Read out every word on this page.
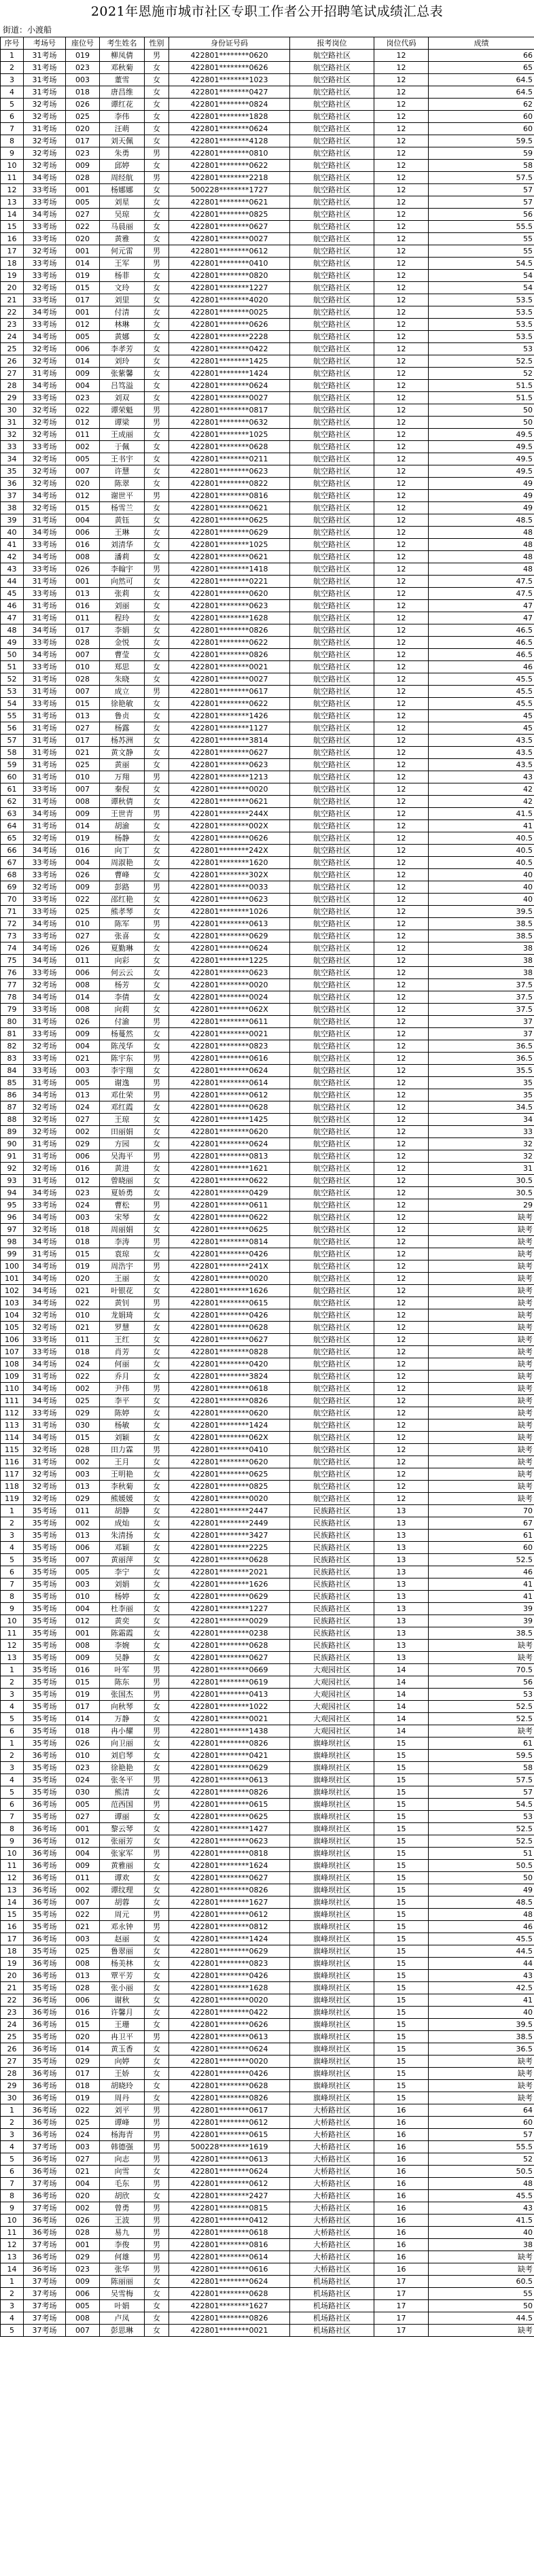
2021年恩施市城市社区专职工作者公开招聘笔试成绩汇总表
街道：小渡船
序号	考场号	座位号	考生姓名	性别	身份证号码	报考岗位	岗位代码	成绩
1	31考场	019	柳凤倩	男	422801********0620	航空路社区	12	66
2	31考场	023	邓秋菊	女	422801********0626	航空路社区	12	65
3	31考场	003	董雪	女	422801********1023	航空路社区	12	64.5
4	31考场	018	唐昌维	女	422801********0427	航空路社区	12	64.5
5	32考场	026	谭红花	女	422801********0824	航空路社区	12	62
6	32考场	025	李伟	女	422801********1828	航空路社区	12	60
7	31考场	020	汪萌	女	422801********0624	航空路社区	12	60
8	32考场	017	刘天佩	女	422801********4128	航空路社区	12	59.5
9	32考场	023	朱勇	男	422801********0810	航空路社区	12	59
10	32考场	009	邱婷	女	422801********0622	航空路社区	12	58
11	34考场	028	周经航	男	422801********2218	航空路社区	12	57.5
12	33考场	001	杨娜娜	女	500228********1727	航空路社区	12	57
13	33考场	005	刘星	女	422801********0621	航空路社区	12	57
14	34考场	027	吴琼	女	422801********0825	航空路社区	12	56
15	33考场	022	马晨丽	女	422801********0627	航空路社区	12	55.5
16	33考场	020	黄雅	女	422801********0027	航空路社区	12	55
17	32考场	001	何元雷	男	422801********0612	航空路社区	12	55
18	33考场	014	王军	男	422801********0410	航空路社区	12	54.5
19	33考场	019	杨菲	女	422801********0820	航空路社区	12	54
20	32考场	015	文玲	女	422801********1227	航空路社区	12	54
21	33考场	017	刘里	女	422801********4020	航空路社区	12	53.5
22	34考场	001	付清	女	422801********0025	航空路社区	12	53.5
23	33考场	012	林琳	女	422801********0626	航空路社区	12	53.5
24	34考场	005	黄娜	女	422801********2228	航空路社区	12	53.5
25	32考场	006	李孝芳	女	422801********0422	航空路社区	12	53
26	32考场	014	刘玲	女	422801********1425	航空路社区	12	52.5
27	31考场	009	张紫馨	女	422801********1424	航空路社区	12	52
28	34考场	004	吕笃溢	女	422801********0624	航空路社区	12	51.5
29	33考场	023	刘双	女	422801********0027	航空路社区	12	51.5
30	32考场	022	谭荣魁	男	422801********0817	航空路社区	12	50
31	32考场	012	谭梁	男	422801********0632	航空路社区	12	50
32	32考场	011	王成丽	女	422801********1025	航空路社区	12	49.5
33	33考场	002	于佩	女	422801********0628	航空路社区	12	49.5
34	32考场	005	王书宇	女	422801********0211	航空路社区	12	49.5
35	32考场	007	许慧	女	422801********0623	航空路社区	12	49.5
36	32考场	020	陈翠	女	422801********0822	航空路社区	12	49
37	34考场	012	谢世平	男	422801********0816	航空路社区	12	49
38	32考场	015	杨雪兰	女	422801********0621	航空路社区	12	49
39	31考场	004	黄钰	女	422801********0625	航空路社区	12	48.5
40	34考场	006	王琳	女	422801********0629	航空路社区	12	48
41	33考场	016	刘清华	女	422801********1025	航空路社区	12	48
42	34考场	008	潘莉	女	422801********0621	航空路社区	12	48
43	33考场	026	李翰宇	男	422801********1418	航空路社区	12	48
44	31考场	001	向然可	女	422801********0221	航空路社区	12	47.5
45	33考场	013	张莉	女	422801********0620	航空路社区	12	47.5
46	31考场	016	刘丽	女	422801********0623	航空路社区	12	47
47	31考场	011	程玲	女	422801********1628	航空路社区	12	47
48	34考场	017	李娟	女	422801********0826	航空路社区	12	46.5
49	33考场	028	金悦	女	422801********0622	航空路社区	12	46.5
50	34考场	007	曹莹	女	422801********0826	航空路社区	12	46.5
51	33考场	010	郑思	女	422801********0021	航空路社区	12	46
52	31考场	028	朱晓	女	422801********0027	航空路社区	12	45.5
53	31考场	007	成立	男	422801********0617	航空路社区	12	45.5
54	33考场	015	徐艳敏	女	422801********0622	航空路社区	12	45.5
55	31考场	013	鲁贞	女	422801********1426	航空路社区	12	45
56	31考场	027	杨露	女	422801********1127	航空路社区	12	45
57	31考场	017	杨苏洲	女	422801********3814	航空路社区	12	43.5
58	31考场	021	黄文静	女	422801********0627	航空路社区	12	43.5
59	31考场	025	黄丽	女	422801********0623	航空路社区	12	43.5
60	31考场	010	万翔	男	422801********1213	航空路社区	12	43
61	33考场	007	秦倪	女	422801********0020	航空路社区	12	42
62	31考场	008	谭秋倩	女	422801********0621	航空路社区	12	42
63	34考场	009	王世青	男	422801********244X	航空路社区	12	41.5
64	31考场	014	胡渝	女	422801********002X	航空路社区	12	41
65	32考场	019	杨静	女	422801********0626	航空路社区	12	40.5
66	34考场	016	向丁	女	422801********242X	航空路社区	12	40.5
67	33考场	004	周淑艳	女	422801********1620	航空路社区	12	40.5
68	33考场	026	曹峰	女	422801********302X	航空路社区	12	40
69	32考场	009	彭路	男	422801********0033	航空路社区	12	40
70	33考场	022	邵红艳	女	422801********0623	航空路社区	12	40
71	33考场	025	熊孝琴	女	422801********1026	航空路社区	12	39.5
72	34考场	010	陈军	男	422801********0613	航空路社区	12	38.5
73	33考场	027	张喜	女	422801********0629	航空路社区	12	38.5
74	34考场	026	夏勤琳	女	422801********0624	航空路社区	12	38
75	34考场	011	向彩	女	422801********1225	航空路社区	12	38
76	33考场	006	何云云	女	422801********0623	航空路社区	12	38
77	32考场	008	杨芳	女	422801********0020	航空路社区	12	37.5
78	34考场	014	李倩	女	422801********0024	航空路社区	12	37.5
79	33考场	008	向莉	女	422801********062X	航空路社区	12	37.5
80	31考场	026	付渝	男	422801********0611	航空路社区	12	37
81	33考场	009	杨蔓然	女	422801********0021	航空路社区	12	37
82	32考场	004	陈茂华	女	422801********0823	航空路社区	12	36.5
83	33考场	021	陈宇东	男	422801********0616	航空路社区	12	36.5
84	33考场	003	李宇翔	女	422801********0624	航空路社区	12	35.5
85	31考场	005	谢逸	男	422801********0614	航空路社区	12	35
86	34考场	013	邓仕荣	男	422801********0612	航空路社区	12	35
87	32考场	024	邓红霞	女	422801********0628	航空路社区	12	34.5
88	32考场	027	王琼	女	422801********1425	航空路社区	12	34
89	32考场	002	田丽娟	女	422801********0620	航空路社区	12	33
90	31考场	029	方园	女	422801********0624	航空路社区	12	32
91	31考场	006	吴海平	男	422801********0813	航空路社区	12	32
92	32考场	016	黄进	女	422801********1621	航空路社区	12	31
93	31考场	012	曾晓丽	女	422801********0622	航空路社区	12	30.5
94	34考场	023	夏娇勇	女	422801********0429	航空路社区	12	30.5
95	33考场	024	曹松	男	422801********0611	航空路社区	12	29
96	34考场	003	宋琴	女	422801********0622	航空路社区	12	缺考
97	32考场	018	周丽娟	女	422801********0625	航空路社区	12	缺考
98	34考场	018	李涛	男	422801********0814	航空路社区	12	缺考
99	31考场	015	袁琼	女	422801********0426	航空路社区	12	缺考
100	34考场	019	周浩宇	男	422801********241X	航空路社区	12	缺考
101	34考场	020	王丽	女	422801********0020	航空路社区	12	缺考
102	34考场	021	叶银花	女	422801********1626	航空路社区	12	缺考
103	34考场	022	黄钊	男	422801********0615	航空路社区	12	缺考
104	32考场	010	龙娟琦	女	422801********0426	航空路社区	12	缺考
105	32考场	021	罗慧	女	422801********0628	航空路社区	12	缺考
106	33考场	011	王红	女	422801********0627	航空路社区	12	缺考
107	33考场	018	肖芳	女	422801********0828	航空路社区	12	缺考
108	34考场	024	何丽	女	422801********0420	航空路社区	12	缺考
109	31考场	022	乔月	女	422801********3824	航空路社区	12	缺考
110	34考场	002	尹伟	男	422801********0618	航空路社区	12	缺考
111	34考场	025	李平	女	422801********0826	航空路社区	12	缺考
112	33考场	029	陈婷	女	422801********0620	航空路社区	12	缺考
113	31考场	030	杨敏	女	422801********1424	航空路社区	12	缺考
114	34考场	015	刘颖	女	422801********062X	航空路社区	12	缺考
115	32考场	028	田力霖	男	422801********0410	航空路社区	12	缺考
116	31考场	002	王月	女	422801********0620	航空路社区	12	缺考
117	32考场	003	王明艳	女	422801********0625	航空路社区	12	缺考
118	32考场	013	李秋菊	女	422801********0825	航空路社区	12	缺考
119	32考场	029	熊媛媛	女	422801********0020	航空路社区	12	缺考
1	35考场	011	胡静	女	422801********2447	民族路社区	13	70
2	35考场	002	成灿	女	422801********2449	民族路社区	13	67
3	35考场	013	朱清扬	女	422801********3427	民族路社区	13	61
4	35考场	006	邓颖	女	422801********2225	民族路社区	13	60
5	35考场	007	黄丽萍	女	422801********0628	民族路社区	13	52.5
6	35考场	005	李宁	女	422801********2021	民族路社区	13	46
7	35考场	003	刘娟	女	422801********1626	民族路社区	13	41
8	35考场	010	杨婷	女	422801********0629	民族路社区	13	41
9	35考场	004	杜李丽	女	422801********1227	民族路社区	13	39
10	35考场	012	黄奕	女	422801********0029	民族路社区	13	39
11	35考场	001	陈霜霞	女	422801********0238	民族路社区	13	38.5
12	35考场	008	李婉	女	422801********0628	民族路社区	13	缺考
13	35考场	009	吴静	女	422801********0627	民族路社区	13	缺考
1	35考场	016	叶军	男	422801********0669	大观园社区	14	70.5
2	35考场	015	陈东	男	422801********0619	大观园社区	14	56
3	35考场	019	张国杰	男	422801********0413	大观园社区	14	53
4	35考场	017	向秋琴	女	422801********1022	大观园社区	14	52.5
5	35考场	014	万静	女	422801********0021	大观园社区	14	52.5
6	35考场	018	冉小耀	男	422801********1438	大观园社区	14	缺考
1	35考场	026	向卫丽	女	422801********0826	旗峰坝社区	15	61
2	36考场	010	刘启琴	女	422801********0421	旗峰坝社区	15	59.5
3	35考场	023	徐艳艳	女	422801********0629	旗峰坝社区	15	58
4	35考场	024	张冬平	男	422801********0613	旗峰坝社区	15	57.5
5	35考场	030	熊清	女	422801********0826	旗峰坝社区	15	57
6	36考场	005	范西国	男	422801********0615	旗峰坝社区	15	54.5
7	35考场	027	谭丽	女	422801********0625	旗峰坝社区	15	53
8	36考场	001	黎云琴	女	422801********1427	旗峰坝社区	15	52.5
9	36考场	012	张丽芳	女	422801********0623	旗峰坝社区	15	52.5
10	36考场	004	张家军	男	422801********0818	旗峰坝社区	15	51
11	36考场	009	黄雅丽	女	422801********1624	旗峰坝社区	15	50.5
12	36考场	011	谭欢	女	422801********0627	旗峰坝社区	15	50
13	36考场	002	谭纹理	女	422801********0826	旗峰坝社区	15	49
14	36考场	007	胡蓉	女	422801********1627	旗峰坝社区	15	48.5
15	35考场	022	周元	男	422801********0612	旗峰坝社区	15	48
16	35考场	021	邓永钟	男	422801********0812	旗峰坝社区	15	46
17	36考场	003	赵丽	女	422801********1424	旗峰坝社区	15	45.5
18	35考场	025	鲁翠丽	女	422801********0629	旗峰坝社区	15	44.5
19	36考场	008	杨美林	女	422801********0823	旗峰坝社区	15	44
20	36考场	013	覃平芳	女	422801********0426	旗峰坝社区	15	43
21	35考场	028	张小丽	女	422801********1628	旗峰坝社区	15	42.5
22	36考场	006	谢秋	女	422801********0020	旗峰坝社区	15	41
23	36考场	016	许馨月	女	422801********0422	旗峰坝社区	15	40
24	36考场	015	王珊	女	422801********0626	旗峰坝社区	15	39.5
25	35考场	020	冉卫平	男	422801********0613	旗峰坝社区	15	38.5
26	36考场	014	黄玉香	女	422801********0624	旗峰坝社区	15	36.5
27	35考场	029	向婷	女	422801********0020	旗峰坝社区	15	缺考
28	36考场	017	王娇	女	422801********0426	旗峰坝社区	15	缺考
29	36考场	018	胡晓玲	女	422801********0628	旗峰坝社区	15	缺考
30	36考场	019	周丹	女	422801********0826	旗峰坝社区	15	缺考
1	36考场	022	刘平	男	422801********0617	大桥路社区	16	64
2	36考场	025	谭峰	男	422801********0612	大桥路社区	16	60
3	36考场	024	杨海青	男	422801********0615	大桥路社区	16	57
4	37考场	003	韩德强	男	500228********1619	大桥路社区	16	55.5
5	36考场	027	向志	男	422801********0613	大桥路社区	16	52
6	36考场	021	向雪	女	422801********0624	大桥路社区	16	50.5
7	37考场	004	毛东	男	422801********0612	大桥路社区	16	48
8	36考场	020	胡欣	女	422801********2427	大桥路社区	16	45.5
9	37考场	002	曾勇	男	422801********0815	大桥路社区	16	43
10	36考场	026	王波	男	422801********0412	大桥路社区	16	41.5
11	36考场	028	易九	男	422801********0618	大桥路社区	16	40
12	37考场	001	李俊	男	422801********0816	大桥路社区	16	38
13	36考场	029	何雄	男	422801********0614	大桥路社区	16	缺考
14	36考场	023	张华	男	422801********0616	大桥路社区	16	缺考
1	37考场	009	陈丽丽	女	422801********0624	机场路社区	17	60.5
2	37考场	006	吴雪梅	女	422801********0628	机场路社区	17	55
3	37考场	005	叶娟	女	422801********1627	机场路社区	17	50
4	37考场	008	卢凤	女	422801********0826	机场路社区	17	44.5
5	37考场	007	彭思琳	女	422801********0021	机场路社区	17	缺考
